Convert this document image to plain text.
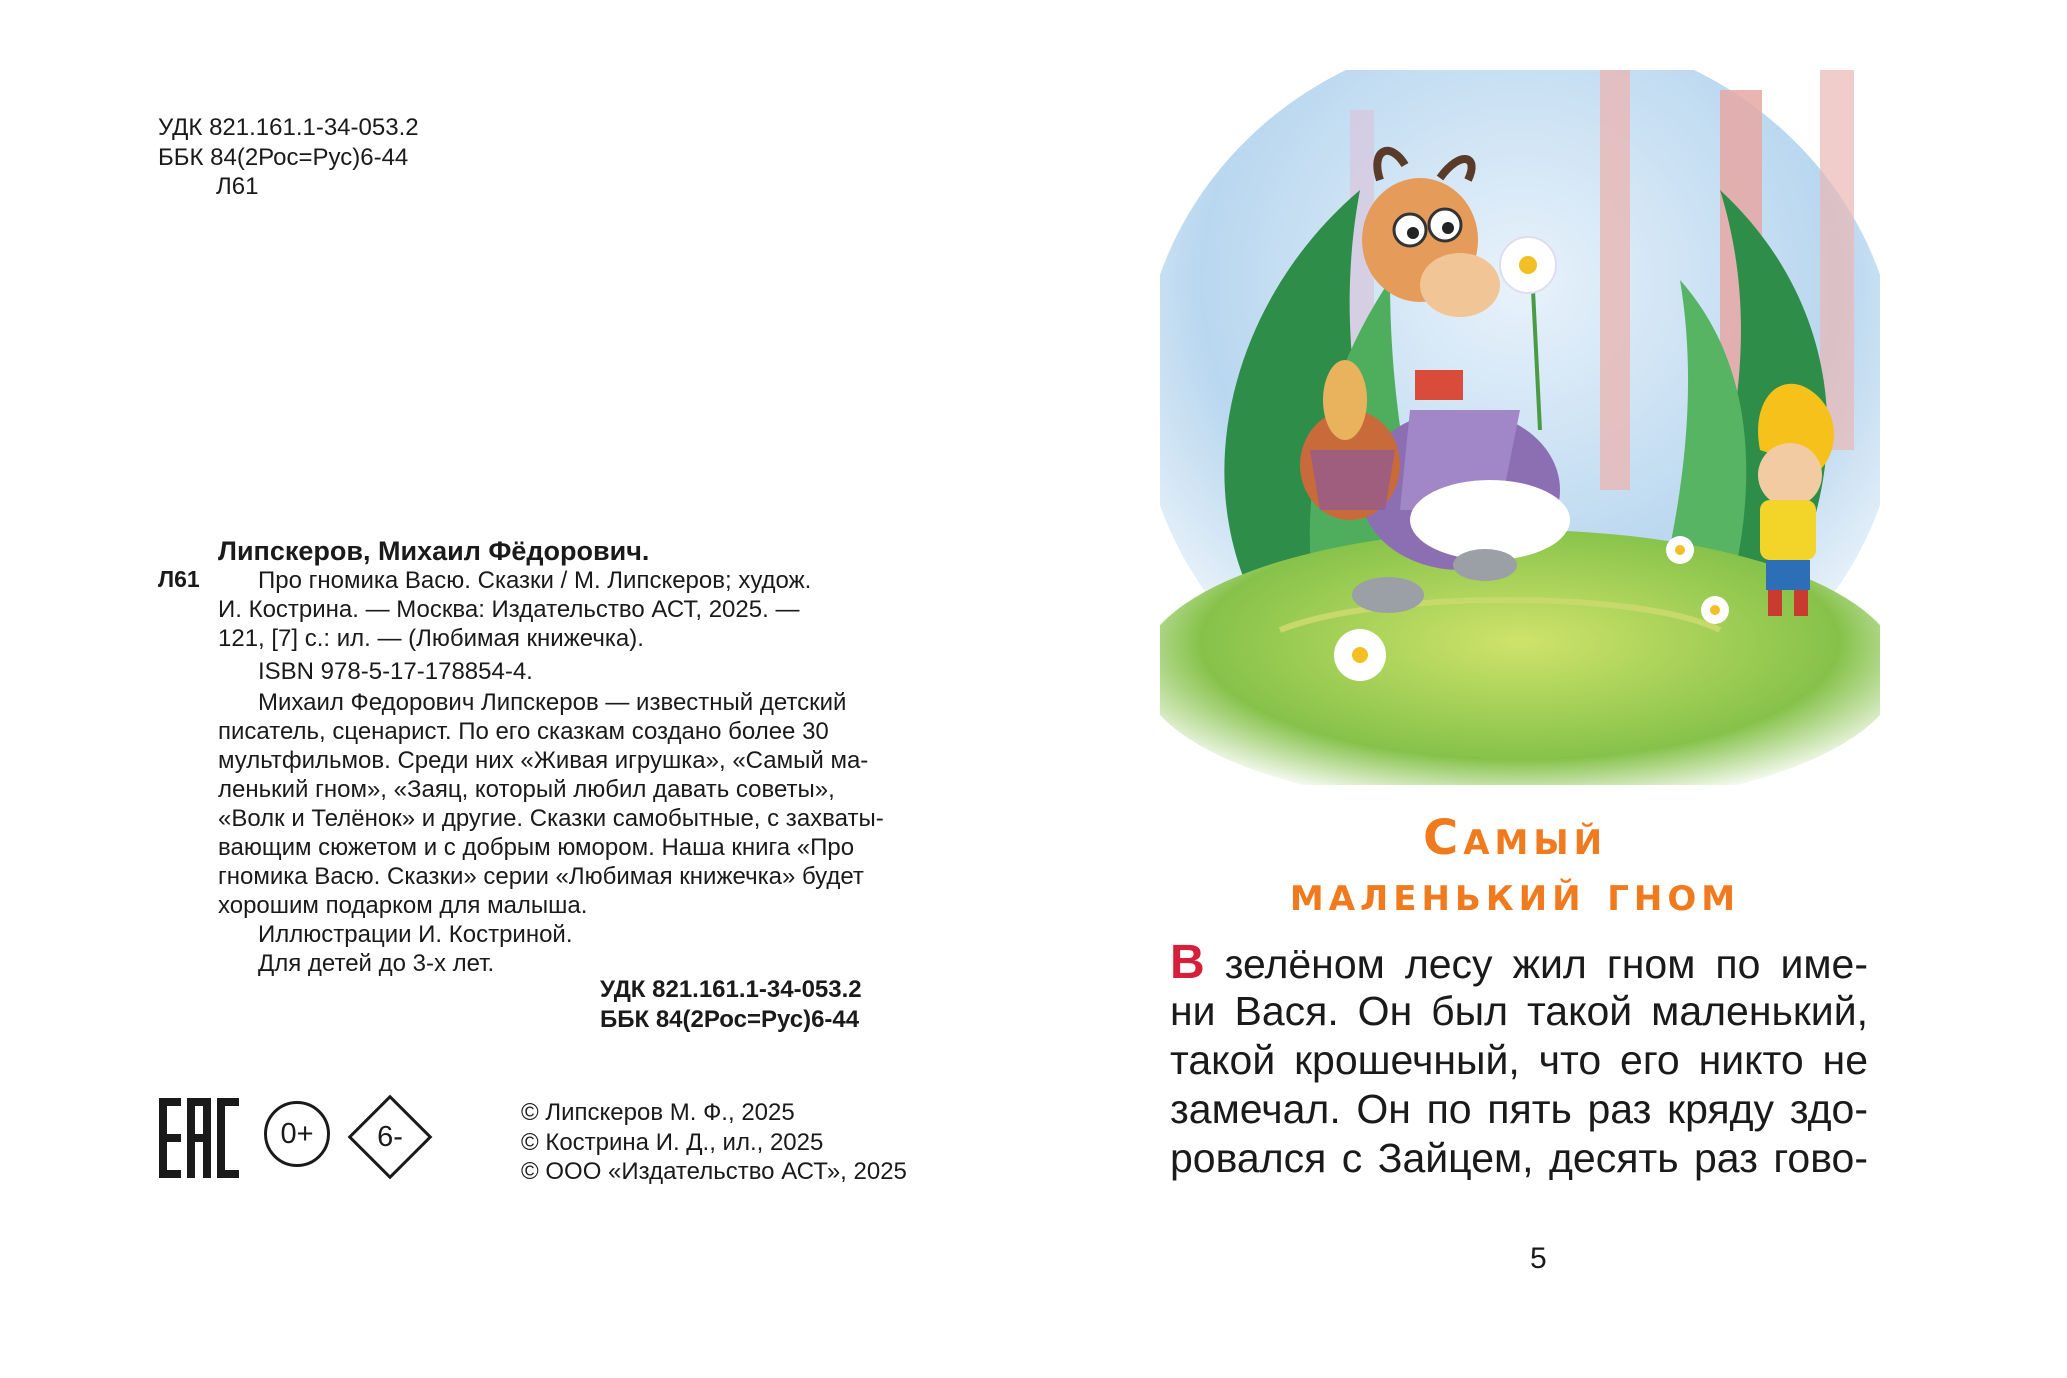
УДК 821.161.1-34-053.2
ББК 84(2Рос=Рус)6-44
Л61
Липскеров, Михаил Фёдорович.
Л61	Про гномика Васю. Сказки / М. Липскеров; худож.

И. Кострина. — Москва: Издательство АСТ, 2025. —

121, [7] с.: ил. — (Любимая книжечка).

ISBN 978-5-17-178854-4.

Михаил Федорович Липскеров — известный детский

писатель, сценарист. По его сказкам создано более 30

мультфильмов. Среди них «Живая игрушка», «Самый ма-

ленький гном», «Заяц, который любил давать советы»,

«Волк и Телёнок» и другие. Сказки самобытные, с захваты-

вающим сюжетом и с добрым юмором. Наша книга «Про

гномика Васю. Сказки» серии «Любимая книжечка» будет

хорошим подарком для малыша.

Иллюстрации И. Костриной.

Для детей до 3-х лет.

УДК 821.161.1-34-053.2
ББК 84(2Рос=Рус)6-44
0+	6-
© Липскеров М. Ф., 2025
© Кострина И. Д., ил., 2025
© ООО «Издательство АСТ», 2025
Самый
маленький гном
В зелёном лесу жил гном по име-
ни Вася. Он был такой маленький,
такой крошечный, что его никто не
замечал. Он по пять раз кряду здо-
ровался с Зайцем, десять раз гово-
5
